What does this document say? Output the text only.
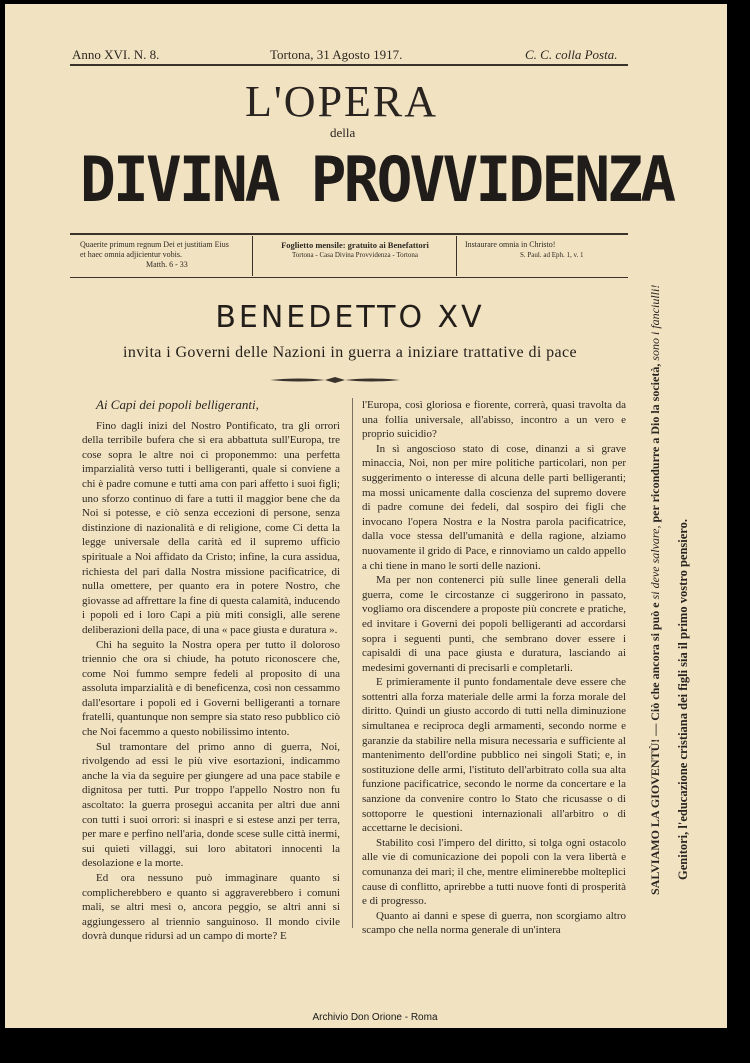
Anno XVI. N. 8.	Tortona, 31 Agosto 1917.	C. C. colla Posta.
L'OPERA
della
DIVINA PROVVIDENZA
Quaerite primum regnum Dei et justitiam Eius
et haec omnia adjicientur vobis.
Matth. 6 - 33
Foglietto mensile: gratuito ai Benefattori
Tortona - Casa Divina Provvidenza - Tortona
Instaurare omnia in Christo!
S. Paul. ad Eph. 1, v. 1
BENEDETTO XV
invita i Governi delle Nazioni in guerra a iniziare trattative di pace

Ai Capi dei popoli belligeranti,

Fino dagli inizi del Nostro Pontificato, tra gli orrori della terribile bufera che si era abbattuta sull'Europa, tre cose sopra le altre noi ci proponemmo: una perfetta imparzialità verso tutti i belligeranti, quale si conviene a chi è padre comune e tutti ama con pari affetto i suoi figli; uno sforzo continuo di fare a tutti il maggior bene che da Noi si potesse, e ciò senza eccezioni di persone, senza distinzione di nazionalità e di religione, come Ci detta la legge universale della carità ed il supremo ufficio spirituale a Noi affidato da Cristo; infine, la cura assidua, richiesta del pari dalla Nostra missione pacificatrice, di nulla omettere, per quanto era in potere Nostro, che giovasse ad affrettare la fine di questa calamità, inducendo i popoli ed i loro Capi a più miti consigli, alle serene deliberazioni della pace, di una « pace giusta e duratura ».

Chi ha seguito la Nostra opera per tutto il doloroso triennio che ora si chiude, ha potuto riconoscere che, come Noi fummo sempre fedeli al proposito di una assoluta imparzialità e di beneficenza, così non cessammo dall'esortare i popoli ed i Governi belligeranti a tornare fratelli, quantunque non sempre sia stato reso pubblico ciò che Noi facemmo a questo nobilissimo intento.

Sul tramontare del primo anno di guerra, Noi, rivolgendo ad essi le più vive esortazioni, indicammo anche la via da seguire per giungere ad una pace stabile e dignitosa per tutti. Pur troppo l'appello Nostro non fu ascoltato: la guerra proseguì accanita per altri due anni con tutti i suoi orrori: si inasprì e si estese anzi per terra, per mare e perfino nell'aria, donde scese sulle città inermi, sui quieti villaggi, sui loro abitatori innocenti la desolazione e la morte.

Ed ora nessuno può immaginare quanto si complicherebbero e quanto si aggraverebbero i comuni mali, se altri mesi o, ancora peggio, se altri anni si aggiungessero al triennio sanguinoso. Il mondo civile dovrà dunque ridursi ad un campo di morte? E

l'Europa, così gloriosa e fiorente, correrà, quasi travolta da una follia universale, all'abisso, incontro a un vero e proprio suicidio?

In sì angoscioso stato di cose, dinanzi a sì grave minaccia, Noi, non per mire politiche particolari, non per suggerimento o interesse di alcuna delle parti belligeranti; ma mossi unicamente dalla coscienza del supremo dovere di padre comune dei fedeli, dal sospiro dei figli che invocano l'opera Nostra e la Nostra parola pacificatrice, dalla voce stessa dell'umanità e della ragione, alziamo nuovamente il grido di Pace, e rinnoviamo un caldo appello a chi tiene in mano le sorti delle nazioni.

Ma per non contenerci più sulle linee generali della guerra, come le circostanze ci suggerirono in passato, vogliamo ora discendere a proposte più concrete e pratiche, ed invitare i Governi dei popoli belligeranti ad accordarsi sopra i seguenti punti, che sembrano dover essere i capisaldi di una pace giusta e duratura, lasciando ai medesimi governanti di precisarli e completarli.

E primieramente il punto fondamentale deve essere che sottentri alla forza materiale delle armi la forza morale del diritto. Quindi un giusto accordo di tutti nella diminuzione simultanea e reciproca degli armamenti, secondo norme e garanzie da stabilire nella misura necessaria e sufficiente al mantenimento dell'ordine pubblico nei singoli Stati; e, in sostituzione delle armi, l'istituto dell'arbitrato colla sua alta funzione pacificatrice, secondo le norme da concertare e la sanzione da convenire contro lo Stato che ricusasse o di sottoporre le questioni internazionali all'arbitro o di accettarne le decisioni.

Stabilito così l'impero del diritto, si tolga ogni ostacolo alle vie di comunicazione dei popoli con la vera libertà e comunanza dei mari; il che, mentre eliminerebbe molteplici cause di conflitto, aprirebbe a tutti nuove fonti di prosperità e di progresso.

Quanto ai danni e spese di guerra, non scorgiamo altro scampo che nella norma generale di un'intera

SALVIAMO LA GIOVENTÙ! — Ciò che ancora si può e si deve salvare, per ricondurre a Dio la società, sono i fanciulli!
Genitori, l'educazione cristiana dei figli sia il primo vostro pensiero.
Archivio Don Orione - Roma
